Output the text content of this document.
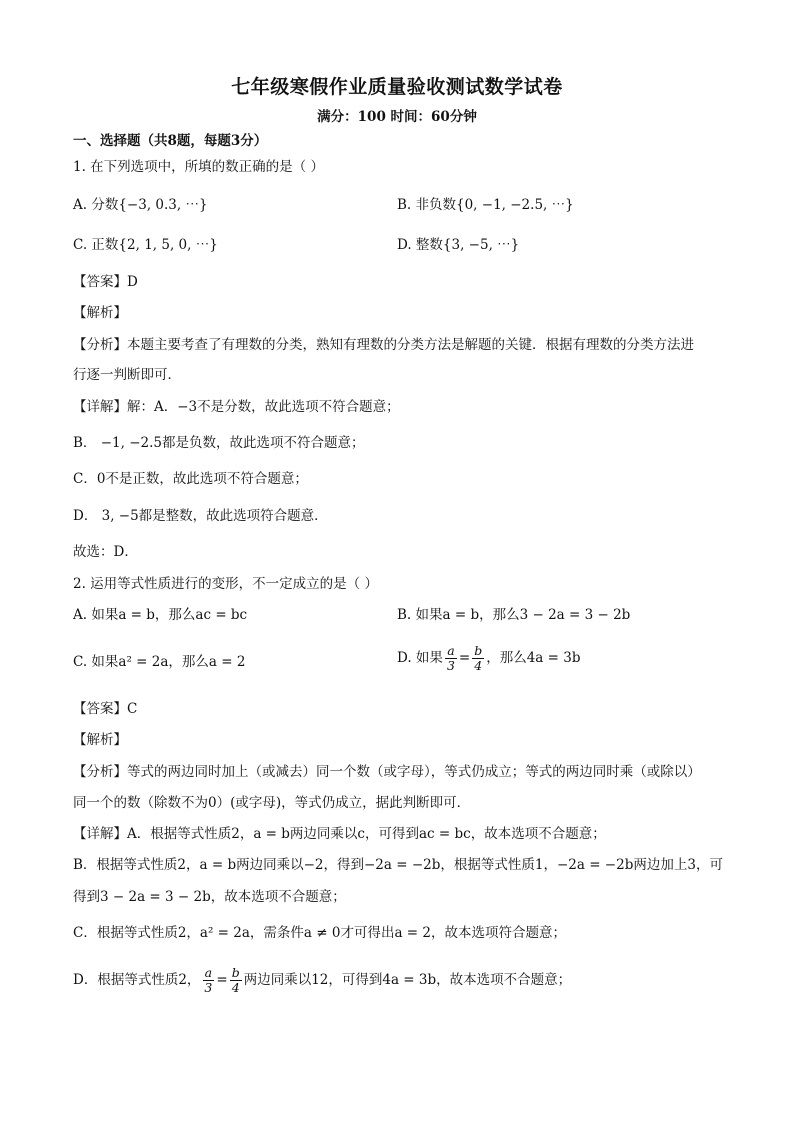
七年级寒假作业质量验收测试数学试卷
满分：100 时间：60分钟
一、选择题（共8题，每题3分）
1. 在下列选项中，所填的数正确的是（ ）
A. 分数{−3, 0.3, ⋯}	B. 非负数{0, −1, −2.5, ⋯}
C. 正数{2, 1, 5, 0, ⋯}	D. 整数{3, −5, ⋯}
【答案】D
【解析】
【分析】本题主要考查了有理数的分类，熟知有理数的分类方法是解题的关键．根据有理数的分类方法进
行逐一判断即可．
【详解】解：A．−3不是分数，故此选项不符合题意；
B． −1, −2.5都是负数，故此选项不符合题意；
C．0不是正数，故此选项不符合题意；
D． 3, −5都是整数，故此选项符合题意．
故选：D．
2. 运用等式性质进行的变形，不一定成立的是（ ）
A. 如果a = b，那么ac = bc	B. 如果a = b，那么3 − 2a = 3 − 2b
C. 如果a² = 2a，那么a = 2	D. 如果 $\frac{a}{3} = \frac{b}{4}$ ，那么4a = 3b
【答案】C
【解析】
【分析】等式的两边同时加上（或减去）同一个数（或字母），等式仍成立；等式的两边同时乘（或除以）
同一个的数（除数不为0）(或字母)，等式仍成立，据此判断即可．
【详解】A．根据等式性质2，a = b两边同乘以c，可得到ac = bc，故本选项不合题意；
B．根据等式性质2，a = b两边同乘以−2，得到−2a = −2b，根据等式性质1，−2a = −2b两边加上3，可
得到3 − 2a = 3 − 2b，故本选项不合题意；
C．根据等式性质2，a² = 2a，需条件a ≠ 0才可得出a = 2，故本选项符合题意；
D．根据等式性质2， $\frac{a}{3} = \frac{b}{4}$ 两边同乘以12，可得到4a = 3b，故本选项不合题意；
